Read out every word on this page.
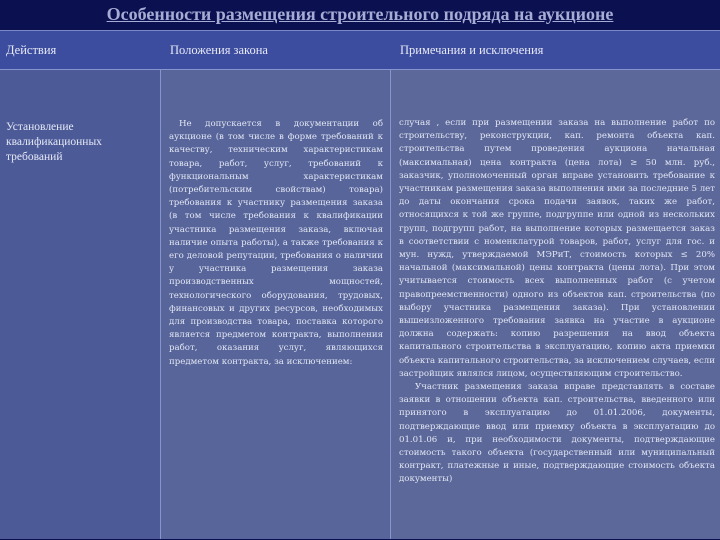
Особенности размещения строительного подряда на аукционе
Действия	Положения закона	Примечания и исключения
Установление квалификационных требований
Не допускается в документации об аукционе (в том числе в форме требований к качеству, техническим характеристикам товара, работ, услуг, требований к функциональным характеристикам (потребительским свойствам) товара) требования к участнику размещения заказа (в том числе требования к квалификации участника размещения заказа, включая наличие опыта работы), а также требования к его деловой репутации, требования о наличии у участника размещения заказа производственных мощностей, технологического оборудования, трудовых, финансовых и других ресурсов, необходимых для производства товара, поставка которого является предметом контракта, выполнения работ, оказания услуг, являющихся предметом контракта, за исключением:

случая , если при размещении заказа на выполнение работ по строительству, реконструкции, кап. ремонта объекта кап. строительства путем проведения аукциона начальная (максимальная) цена контракта (цена лота) ≥ 50 млн. руб., заказчик, уполномоченный орган вправе установить требование к участникам размещения заказа выполнения ими за последние 5 лет до даты окончания срока подачи заявок, таких же работ, относящихся к той же группе, подгруппе или одной из нескольких групп, подгрупп работ, на выполнение которых размещается заказ в соответствии с номенклатурой товаров, работ, услуг для гос. и мун. нужд, утверждаемой МЭРиТ, стоимость которых ≤ 20% начальной (максимальной) цены контракта (цены лота). При этом учитывается стоимость всех выполненных работ (с учетом правопреемственности) одного из объектов кап. строительства (по выбору участника размещения заказа). При установлении вышеизложенного требования заявка на участие в аукционе должна содержать: копию разрешения на ввод объекта капитального строительства в эксплуатацию, копию акта приемки объекта капитального строительства, за исключением случаев, если застройщик являлся лицом, осуществляющим строительство.

Участник размещения заказа вправе представлять в составе заявки в отношении объекта кап. строительства, введенного или принятого в эксплуатацию до 01.01.2006, документы, подтверждающие ввод или приемку объекта в эксплуатацию до 01.01.06 и, при необходимости документы, подтверждающие стоимость такого объекта (государственный или муниципальный контракт, платежные и иные, подтверждающие стоимость объекта документы)
